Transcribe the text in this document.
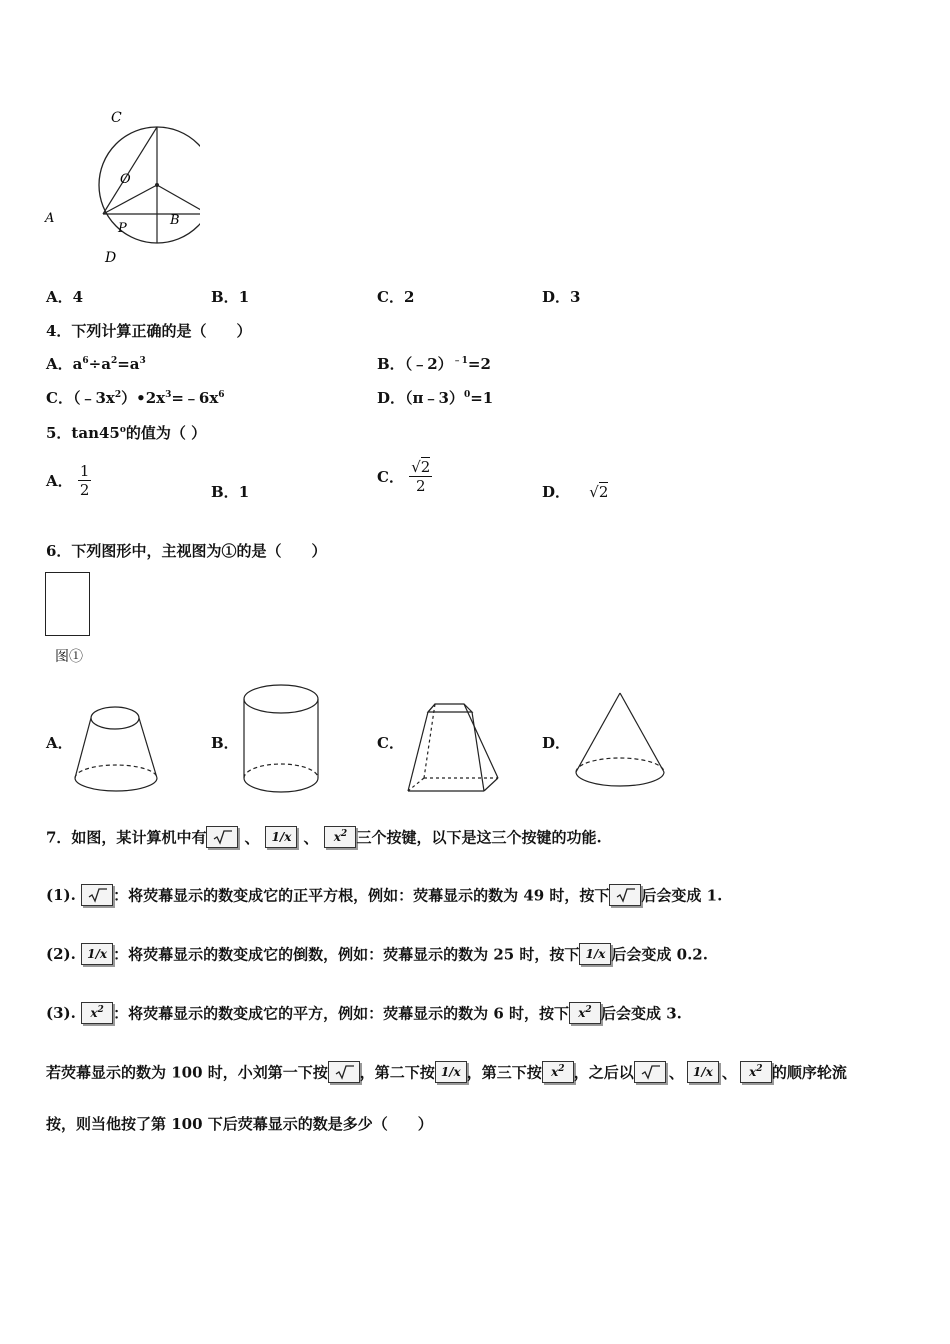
C
O
A	B
P
D
A．4	B．1	C．2	D．3
4．下列计算正确的是（　　）
A．$a^6\div a^2=a^3$	B．（﹣2）$^{﹣1}$=2
C．$(﹣3x^2)•2x^3=﹣6x^6$	D．（π﹣3）$^0$=1
5．tan45$^o$的值为（ ）
A． $\frac{1}{2}$	B．1
C． $\frac{√2}{2}$	D． √2
6．下列图形中，主视图为①的是（　　）
图①
A．	B．	C．	D．
7．如图，某计算机中有	、 1/x 、 $x^2$ 三个按键，以下是这三个按键的功能.
(1). ：将荧幕显示的数变成它的正平方根，例如：荧幕显示的数为 49 时，按下 后会变成 1.
(2). 1/x ：将荧幕显示的数变成它的倒数，例如：荧幕显示的数为 25 时，按下 1/x 后会变成 0.2.
(3). $x^2$ ：将荧幕显示的数变成它的平方，例如：荧幕显示的数为 6 时，按下 $x^2$ 后会变成 3.
若荧幕显示的数为 100 时，小刘第一下按 ，第二下按 1/x ，第三下按 $x^2$ ，之后以 、 1/x 、 $x^2$ 的顺序轮流
按，则当他按了第 100 下后荧幕显示的数是多少（　　）
